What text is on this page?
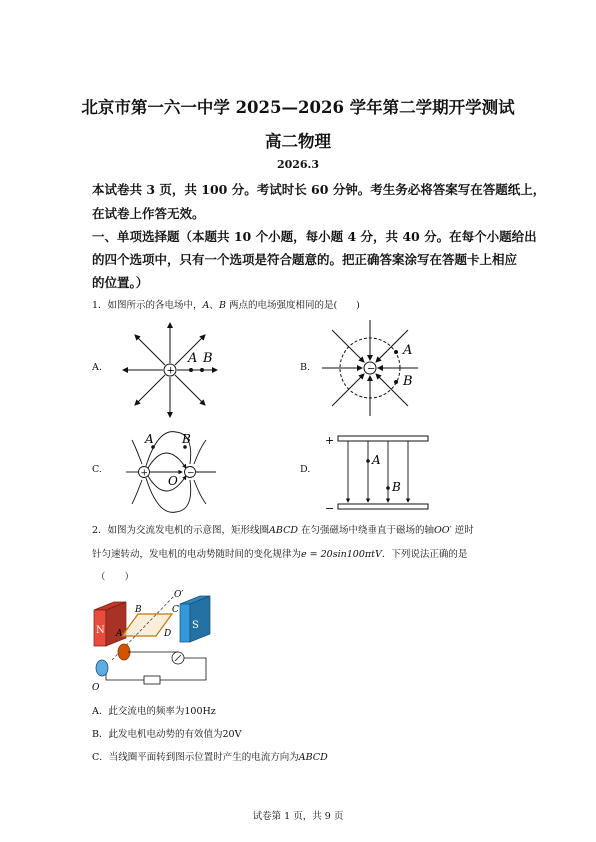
北京市第一六一中学 2025—2026 学年第二学期开学测试
高二物理
2026.3
本试卷共 3 页，共 100 分。考试时长 60 分钟。考生务必将答案写在答题纸上，
在试卷上作答无效。
一、单项选择题（本题共 10 个小题，每小题 4 分，共 40 分。在每个小题给出
的四个选项中，只有一个选项是符合题意的。把正确答案涂写在答题卡上相应
的位置。）
1．如图所示的各电场中，A、B 两点的电场强度相同的是(　　)
A.	B.
C.	D.
+
A B
−
A
B
+	−
A B
O
+
−
A
B
2．如图为交流发电机的示意图，矩形线圈ABCD 在匀强磁场中绕垂直于磁场的轴OO′ 逆时
针匀速转动，发电机的电动势随时间的变化规律为e = 20sin100πtV．下列说法正确的是
（　　）
N	S
B	C
A	D
O′
O
A．此交流电的频率为100Hz
B．此发电机电动势的有效值为20V
C．当线圈平面转到图示位置时产生的电流方向为ABCD
试卷第 1 页，共 9 页
